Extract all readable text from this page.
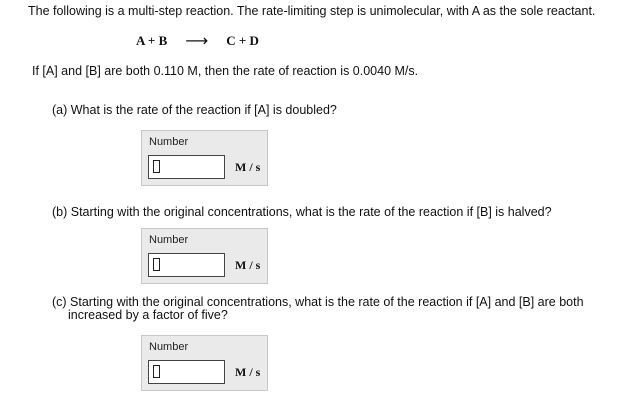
The following is a multi-step reaction. The rate-limiting step is unimolecular, with A as the sole reactant.
A + B ⟶ C + D
If [A] and [B] are both 0.110 M, then the rate of reaction is 0.0040 M/s.
(a) What is the rate of the reaction if [A] is doubled?
Number
M / s
(b) Starting with the original concentrations, what is the rate of the reaction if [B] is halved?
Number
M / s
(c) Starting with the original concentrations, what is the rate of the reaction if [A] and [B] are both
increased by a factor of five?
Number
M / s
